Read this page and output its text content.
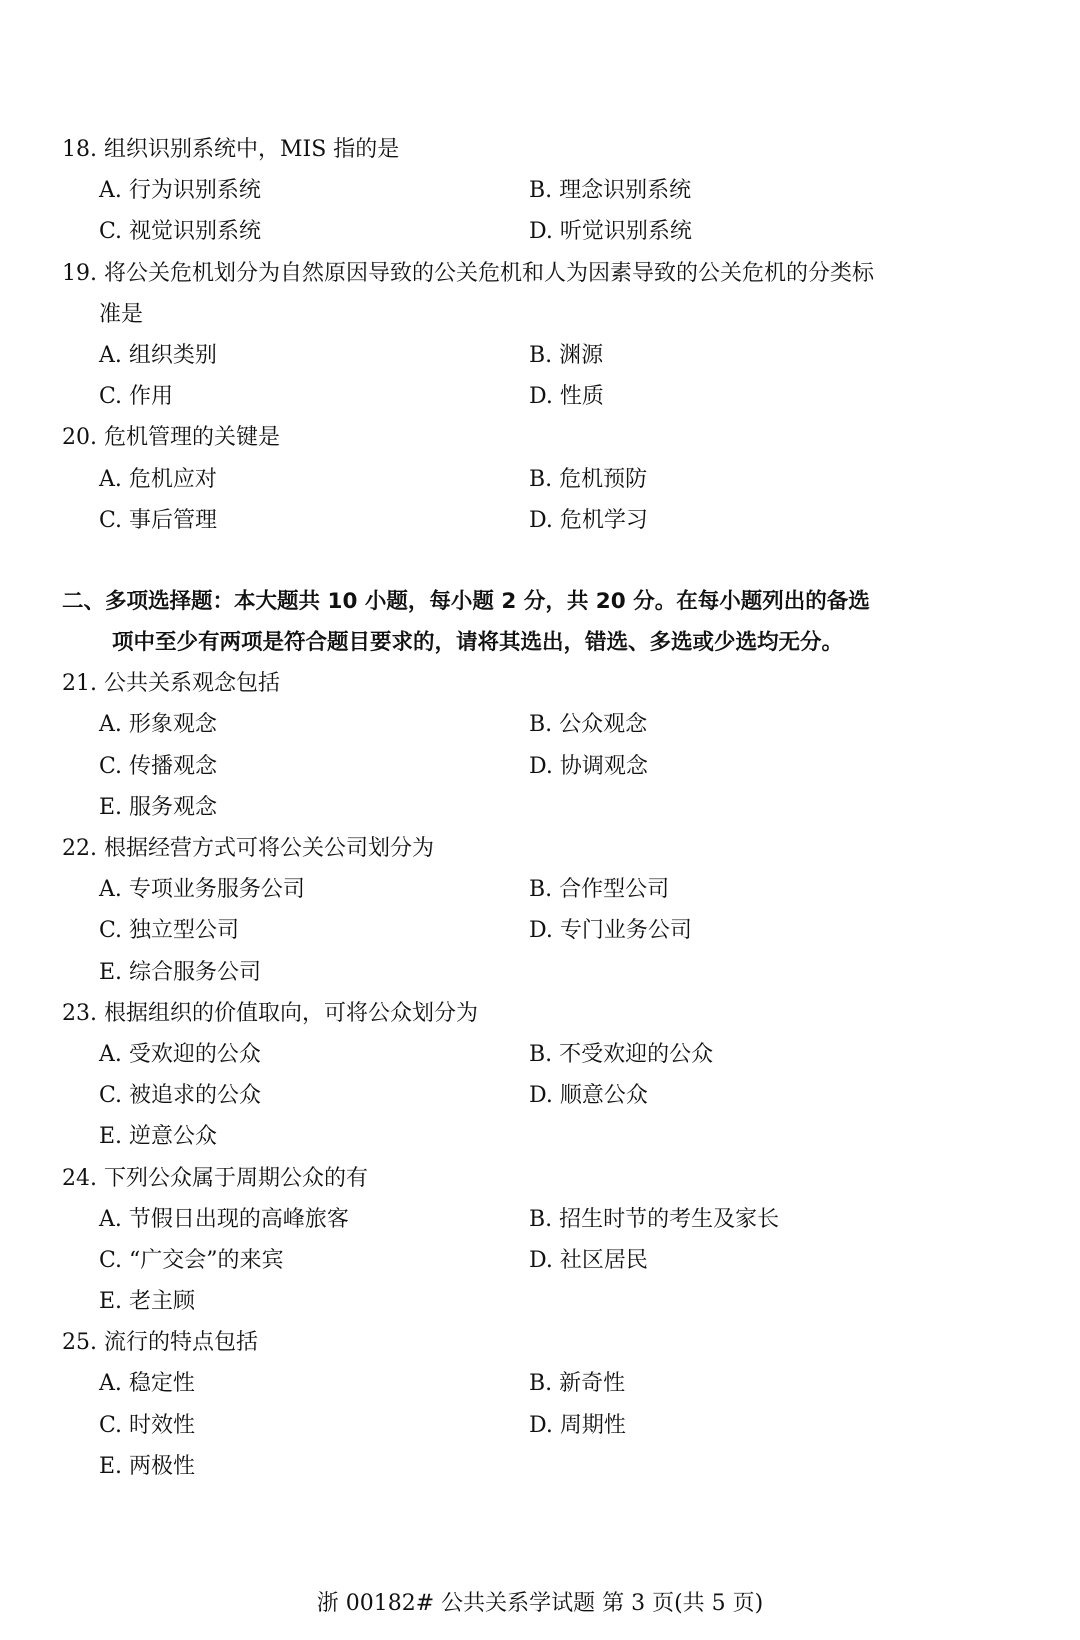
18. 组织识别系统中，MIS 指的是
A. 行为识别系统	B. 理念识别系统
C. 视觉识别系统	D. 听觉识别系统
19. 将公关危机划分为自然原因导致的公关危机和人为因素导致的公关危机的分类标
准是
A. 组织类别	B. 渊源
C. 作用	D. 性质
20. 危机管理的关键是
A. 危机应对	B. 危机预防
C. 事后管理	D. 危机学习
二、多项选择题：本大题共 10 小题，每小题 2 分，共 20 分。在每小题列出的备选
项中至少有两项是符合题目要求的，请将其选出，错选、多选或少选均无分。
21. 公共关系观念包括
A. 形象观念	B. 公众观念
C. 传播观念	D. 协调观念
E. 服务观念
22. 根据经营方式可将公关公司划分为
A. 专项业务服务公司	B. 合作型公司
C. 独立型公司	D. 专门业务公司
E. 综合服务公司
23. 根据组织的价值取向，可将公众划分为
A. 受欢迎的公众	B. 不受欢迎的公众
C. 被追求的公众	D. 顺意公众
E. 逆意公众
24. 下列公众属于周期公众的有
A. 节假日出现的高峰旅客	B. 招生时节的考生及家长
C. “广交会”的来宾	D. 社区居民
E. 老主顾
25. 流行的特点包括
A. 稳定性	B. 新奇性
C. 时效性	D. 周期性
E. 两极性
浙 00182# 公共关系学试题 第 3 页(共 5 页)
